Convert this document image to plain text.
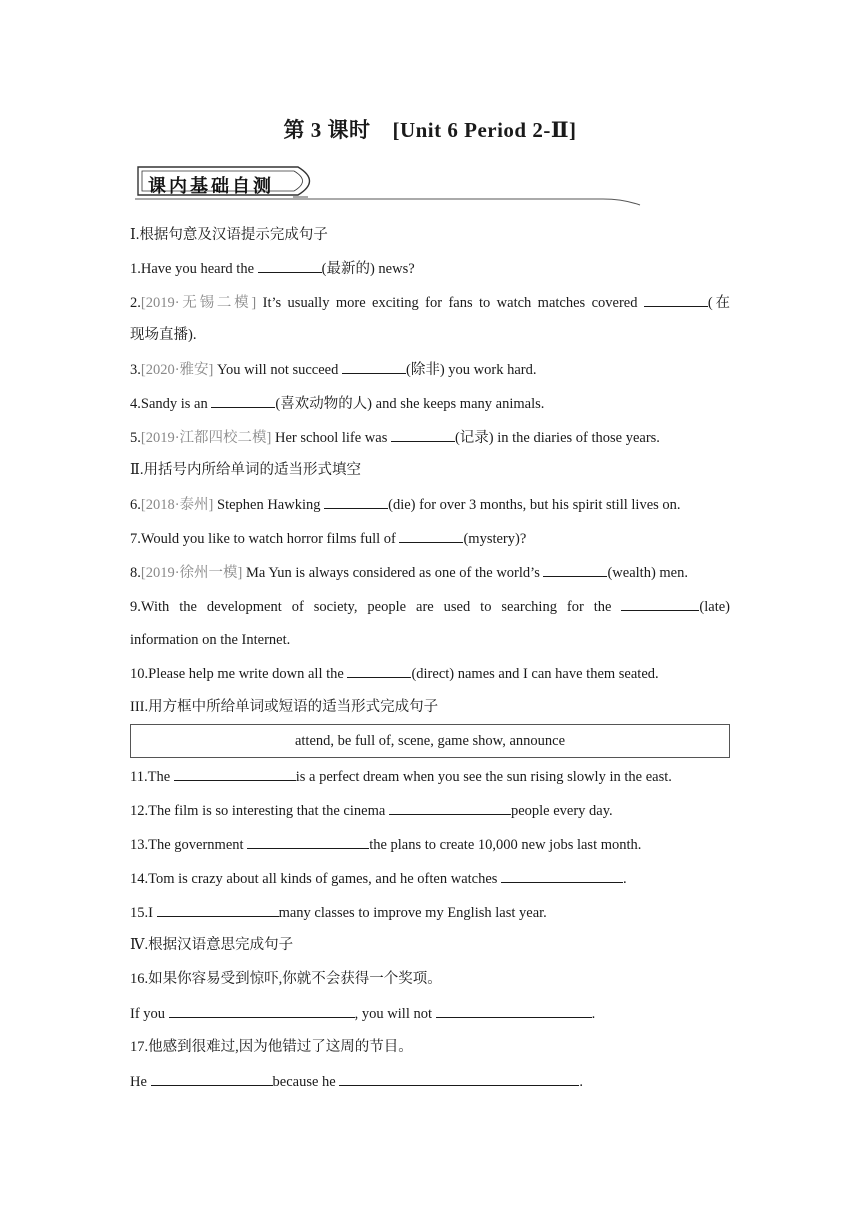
第 3 课时 [Unit 6 Period 2-Ⅱ]
课内基础自测
Ⅰ.根据句意及汉语提示完成句子
1.Have you heard the	(最新的) news?
2.[2019·无锡二模] It’s usually more exciting for fans to watch matches covered	(在
现场直播).
3.[2020·雅安] You will not succeed	(除非) you work hard.
4.Sandy is an	(喜欢动物的人) and she keeps many animals.
5.[2019·江都四校二模] Her school life was	(记录) in the diaries of those years.
Ⅱ.用括号内所给单词的适当形式填空
6.[2018·泰州] Stephen Hawking	(die) for over 3 months, but his spirit still lives on.
7.Would you like to watch horror films full of	(mystery)?
8.[2019·徐州一模] Ma Yun is always considered as one of the world’s	(wealth) men.
9.With the development of society, people are used to searching for the	(late)
information on the Internet.
10.Please help me write down all the	(direct) names and I can have them seated.
III.用方框中所给单词或短语的适当形式完成句子
attend, be full of, scene, game show, announce
11.The	is a perfect dream when you see the sun rising slowly in the east.
12.The film is so interesting that the cinema	people every day.
13.The government	the plans to create 10,000 new jobs last month.
14.Tom is crazy about all kinds of games, and he often watches	.
15.I	many classes to improve my English last year.
Ⅳ.根据汉语意思完成句子
16.如果你容易受到惊吓,你就不会获得一个奖项。
If you	, you will not	.
17.他感到很难过,因为他错过了这周的节目。
He	because he	.
